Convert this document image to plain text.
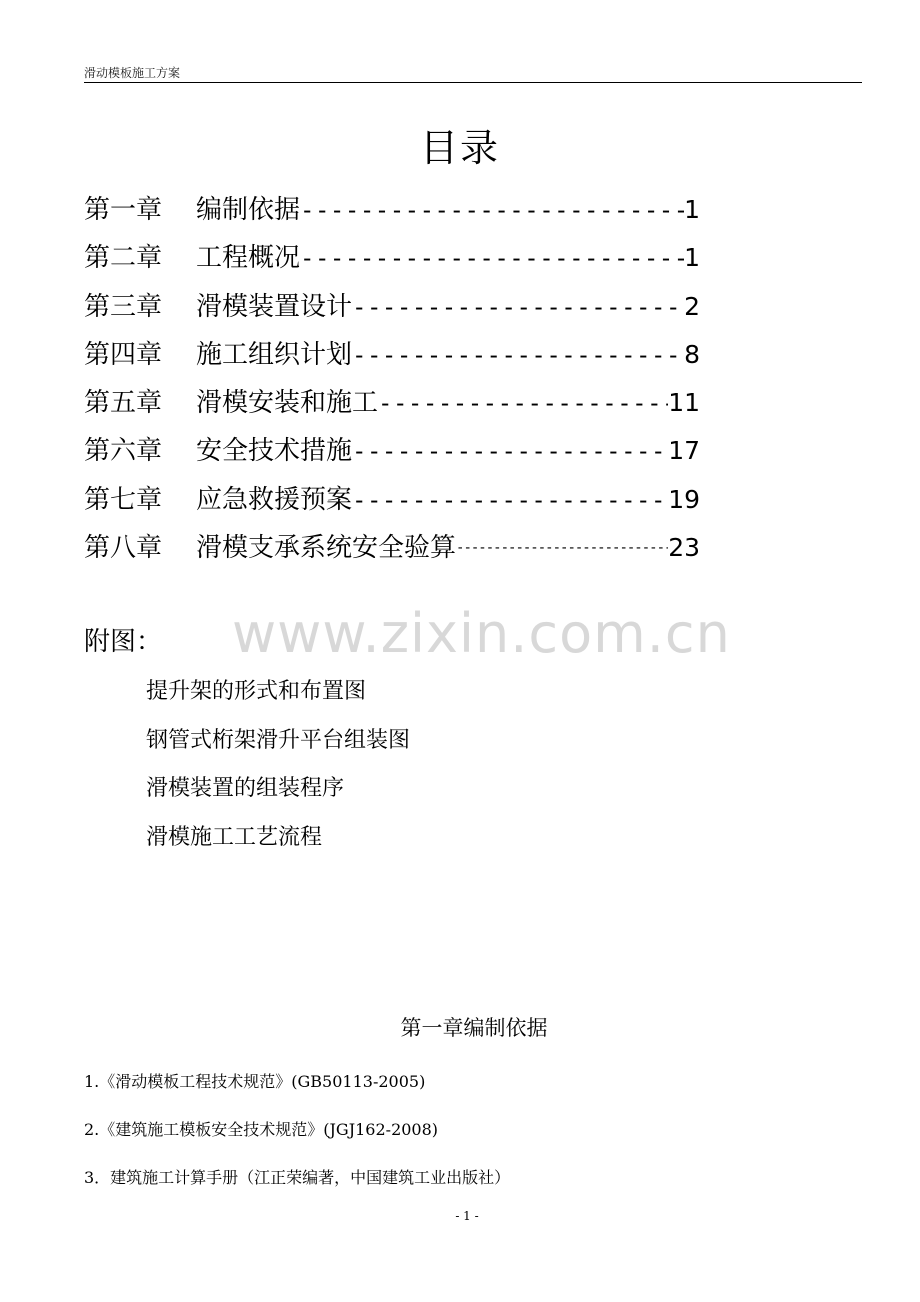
滑动模板施工方案
目录
第一章	编制依据 -----	1
第二章	工程概况 -----	1
第三章	滑模装置设计 -----	2
第四章	施工组织计划 -----	8
第五章	滑模安装和施工 -----	11
第六章	安全技术措施 -----	17
第七章	应急救援预案 -----	19
第八章	滑模支承系统安全验算 -----	23
www.zixin.com.cn
附图：
提升架的形式和布置图
钢管式桁架滑升平台组装图
滑模装置的组装程序
滑模施工工艺流程
第一章编制依据
1.《滑动模板工程技术规范》(GB50113-2005)
2.《建筑施工模板安全技术规范》(JGJ162-2008)
3．建筑施工计算手册（江正荣编著，中国建筑工业出版社）
- 1 -
